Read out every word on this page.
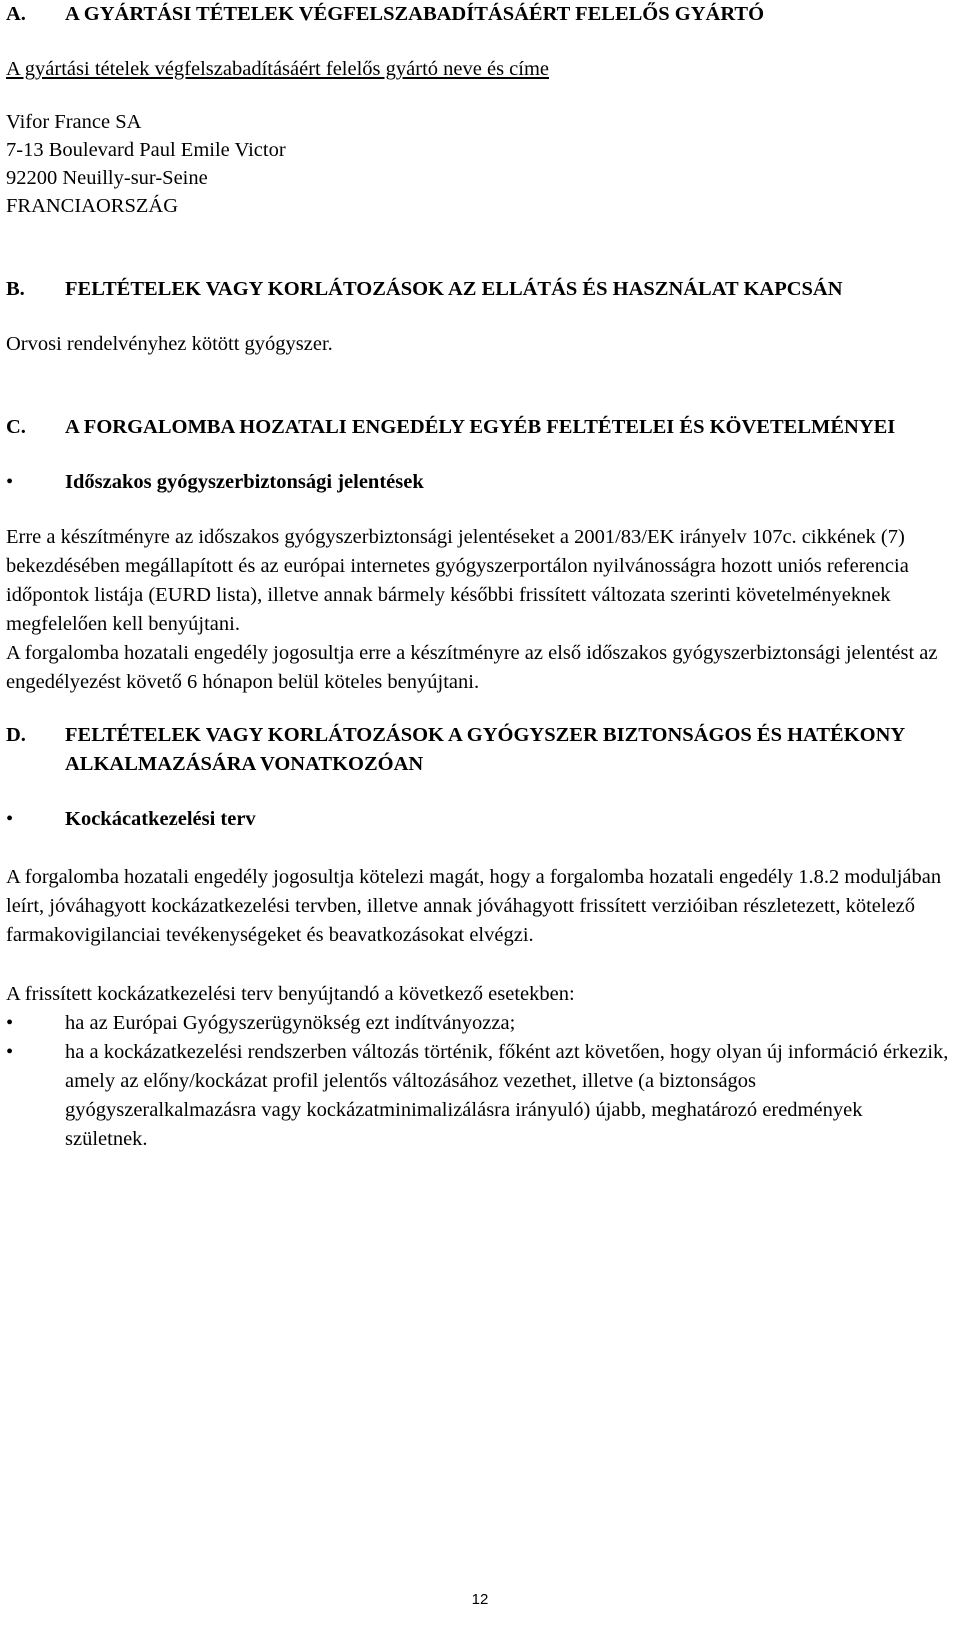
A.	A GYÁRTÁSI TÉTELEK VÉGFELSZABADÍTÁSÁÉRT FELELŐS GYÁRTÓ

A gyártási tételek végfelszabadításáért felelős gyártó neve és címe

Vifor France SA

7-13 Boulevard Paul Emile Victor

92200 Neuilly-sur-Seine

FRANCIAORSZÁG

B.	FELTÉTELEK VAGY KORLÁTOZÁSOK AZ ELLÁTÁS ÉS HASZNÁLAT KAPCSÁN

Orvosi rendelvényhez kötött gyógyszer.

C.	A FORGALOMBA HOZATALI ENGEDÉLY EGYÉB FELTÉTELEI ÉS KÖVETELMÉNYEI
•	Időszakos gyógyszerbiztonsági jelentések

Erre a készítményre az időszakos gyógyszerbiztonsági jelentéseket a 2001/83/EK irányelv 107c. cikkének (7) bekezdésében megállapított és az európai internetes gyógyszerportálon nyilvánosságra hozott uniós referencia időpontok listája (EURD lista), illetve annak bármely későbbi frissített változata szerinti követelményeknek megfelelően kell benyújtani.

A forgalomba hozatali engedély jogosultja erre a készítményre az első időszakos gyógyszerbiztonsági jelentést az engedélyezést követő 6 hónapon belül köteles benyújtani.

D.	FELTÉTELEK VAGY KORLÁTOZÁSOK A GYÓGYSZER BIZTONSÁGOS ÉS HATÉKONY ALKALMAZÁSÁRA VONATKOZÓAN
•	Kockácatkezelési terv

A forgalomba hozatali engedély jogosultja kötelezi magát, hogy a forgalomba hozatali engedély 1.8.2 moduljában leírt, jóváhagyott kockázatkezelési tervben, illetve annak jóváhagyott frissített verzióiban részletezett, kötelező farmakovigilanciai tevékenységeket és beavatkozásokat elvégzi.

A frissített kockázatkezelési terv benyújtandó a következő esetekben:

•	ha az Európai Gyógyszerügynökség ezt indítványozza;
•	ha a kockázatkezelési rendszerben változás történik, főként azt követően, hogy olyan új információ érkezik, amely az előny/kockázat profil jelentős változásához vezethet, illetve (a biztonságos gyógyszeralkalmazásra vagy kockázatminimalizálásra irányuló) újabb, meghatározó eredmények születnek.
12
